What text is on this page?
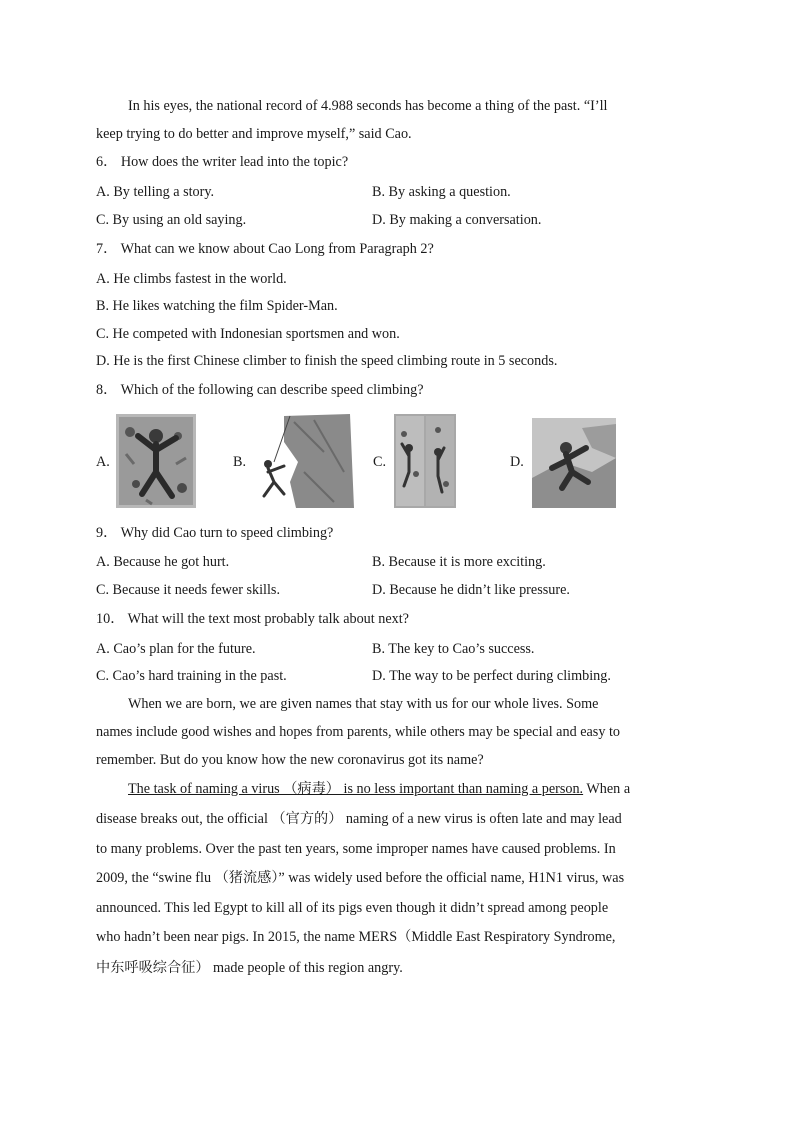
In his eyes, the national record of 4.988 seconds has become a thing of the past. “I’ll
keep trying to do better and improve myself,” said Cao.
6． How does the writer lead into the topic?
A. By telling a story.	B. By asking a question.
C. By using an old saying.	D. By making a conversation.
7． What can we know about Cao Long from Paragraph 2?
A. He climbs fastest in the world.
B. He likes watching the film Spider-Man.
C. He competed with Indonesian sportsmen and won.
D. He is the first Chinese climber to finish the speed climbing route in 5 seconds.
8． Which of the following can describe speed climbing?
A.	B.	C.	D.
9． Why did Cao turn to speed climbing?
A. Because he got hurt.	B. Because it is more exciting.
C. Because it needs fewer skills.	D. Because he didn’t like pressure.
10． What will the text most probably talk about next?
A. Cao’s plan for the future.	B. The key to Cao’s success.
C. Cao’s hard training in the past.	D. The way to be perfect during climbing.
When we are born, we are given names that stay with us for our whole lives. Some
names include good wishes and hopes from parents, while others may be special and easy to
remember. But do you know how the new coronavirus got its name?
The task of naming a virus （病毒） is no less important than naming a person. When a
disease breaks out, the official （官方的） naming of a new virus is often late and may lead
to many problems. Over the past ten years, some improper names have caused problems. In
2009, the “swine flu （猪流感）” was widely used before the official name, H1N1 virus, was
announced. This led Egypt to kill all of its pigs even though it didn’t spread among people
who hadn’t been near pigs. In 2015, the name MERS（Middle East Respiratory Syndrome,
中东呼吸综合征） made people of this region angry.
